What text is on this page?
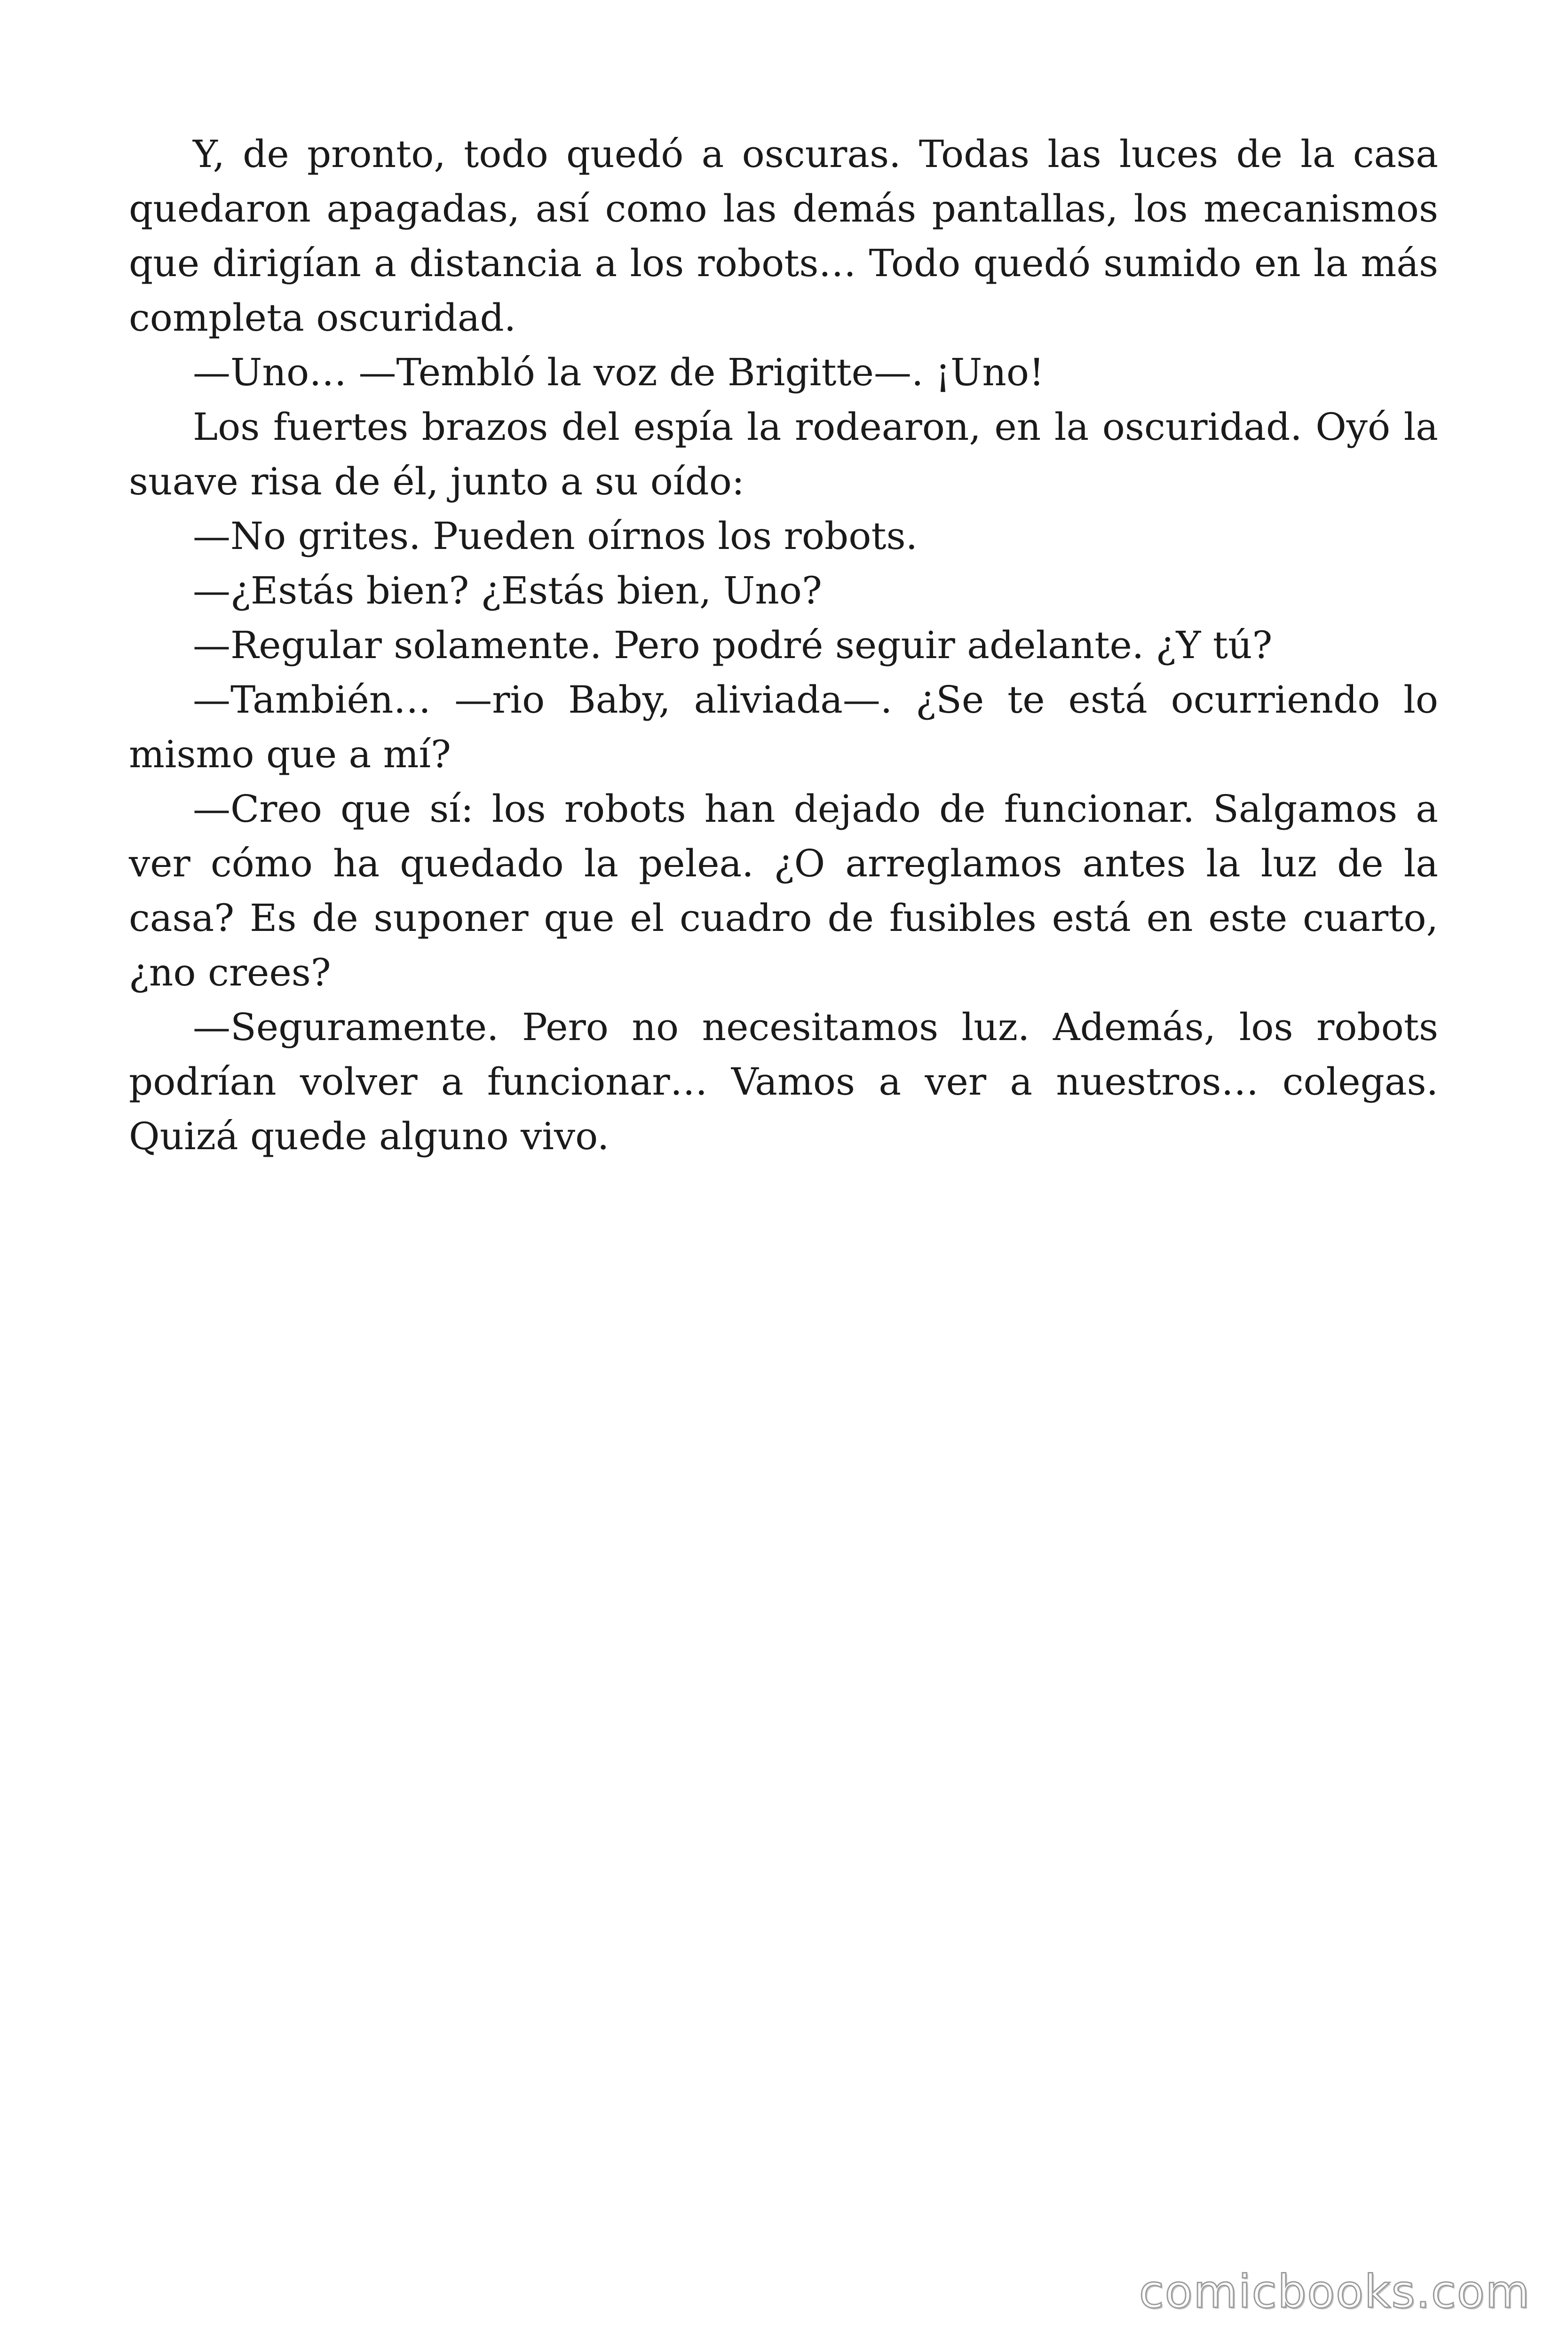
Y, de pronto, todo quedó a oscuras. Todas las luces de la casa quedaron apagadas, así como las demás pantallas, los mecanismos que dirigían a distancia a los robots… Todo quedó sumido en la más completa oscuridad.

—Uno… —Tembló la voz de Brigitte—. ¡Uno!

Los fuertes brazos del espía la rodearon, en la oscuridad. Oyó la suave risa de él, junto a su oído:

—No grites. Pueden oírnos los robots.

—¿Estás bien? ¿Estás bien, Uno?

—Regular solamente. Pero podré seguir adelante. ¿Y tú?

—También… —rio Baby, aliviada—. ¿Se te está ocurriendo lo mismo que a mí?

—Creo que sí: los robots han dejado de funcionar. Salgamos a ver cómo ha quedado la pelea. ¿O arreglamos antes la luz de la casa? Es de suponer que el cuadro de fusibles está en este cuarto, ¿no crees?

—Seguramente. Pero no necesitamos luz. Además, los robots podrían volver a funcionar… Vamos a ver a nuestros… colegas. Quizá quede alguno vivo.

comicbooks.com
